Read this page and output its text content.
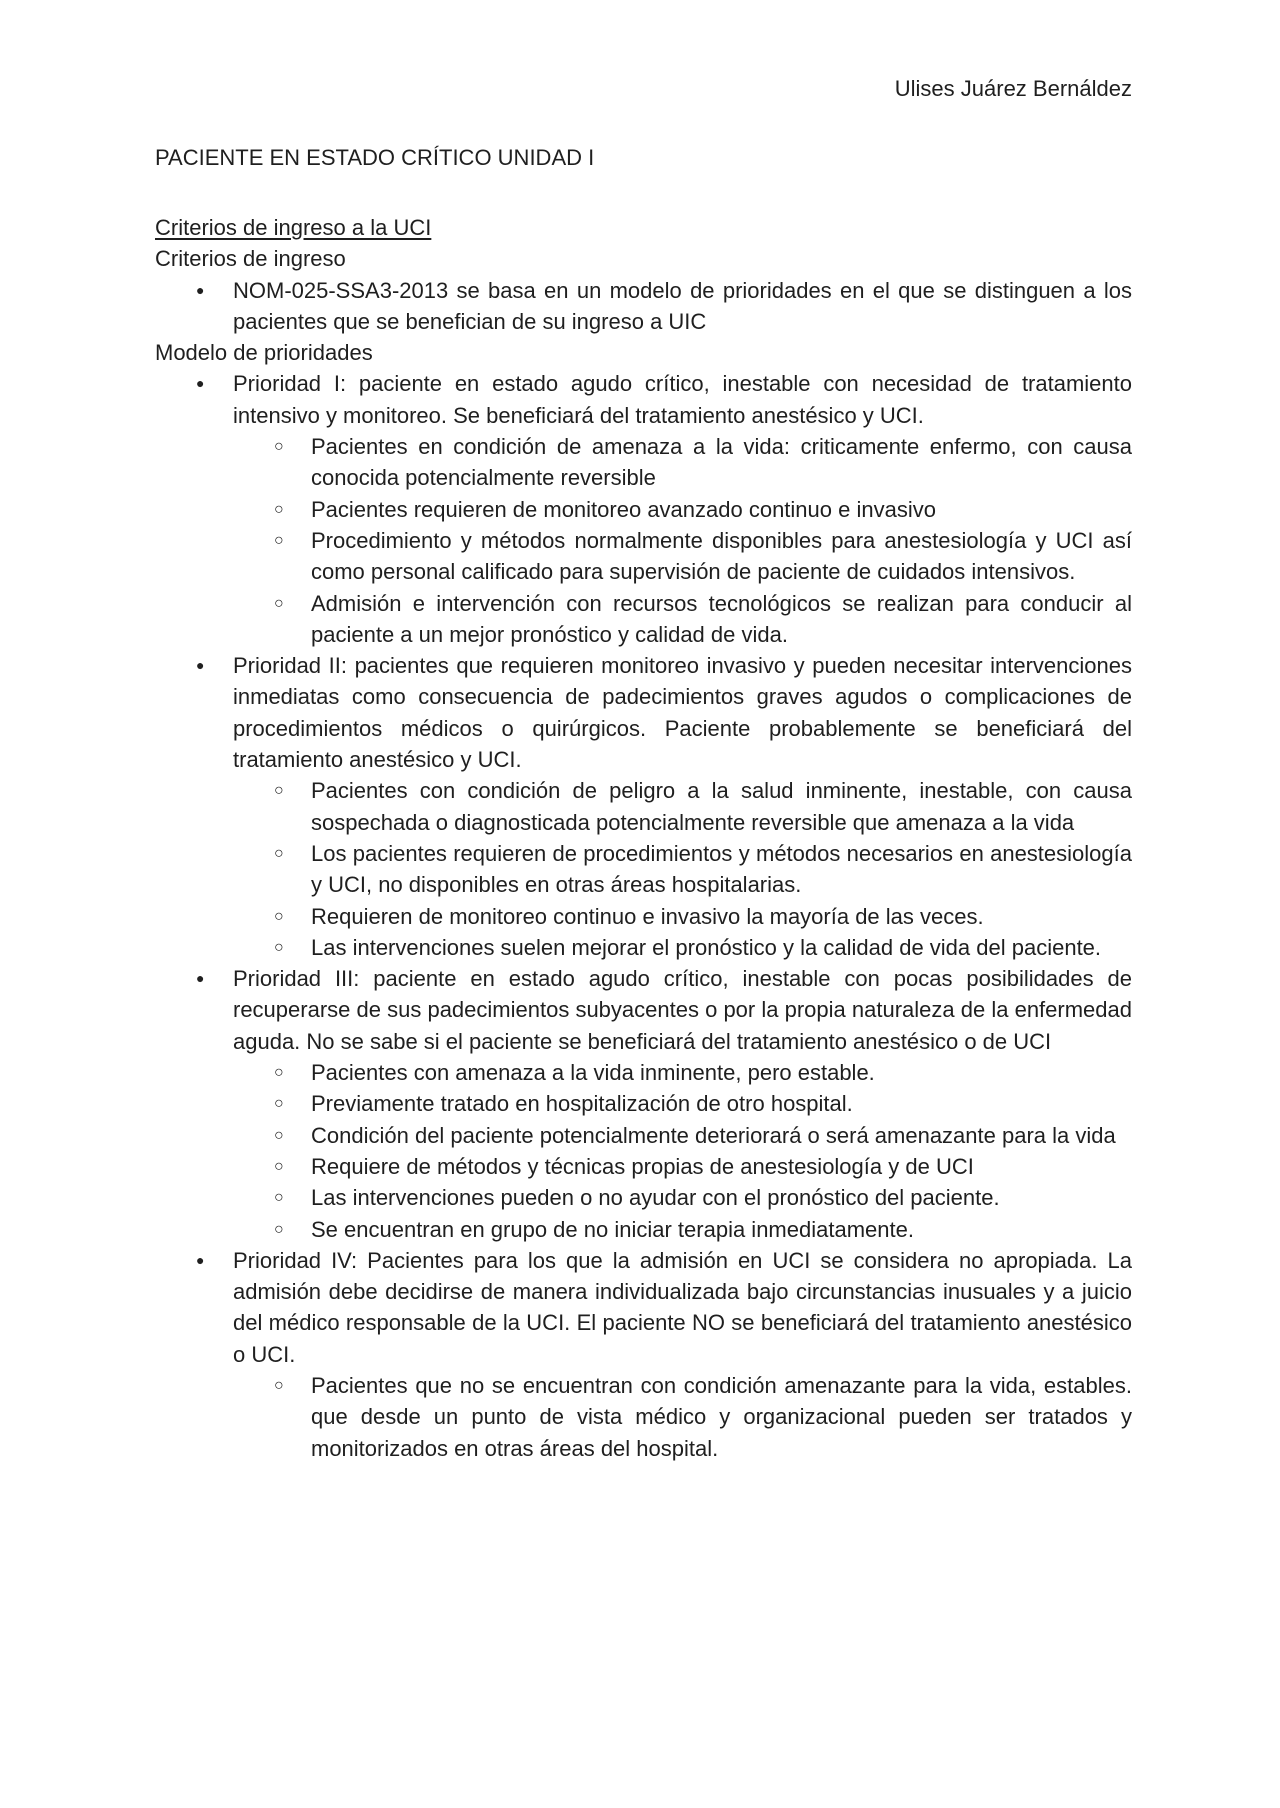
Ulises Juárez Bernáldez

PACIENTE EN ESTADO CRÍTICO UNIDAD I

Criterios de ingreso a la UCI

Criterios de ingreso

● NOM-025-SSA3-2013 se basa en un modelo de prioridades en el que se distinguen a los pacientes que se benefician de su ingreso a UIC

Modelo de prioridades

● Prioridad I: paciente en estado agudo crítico, inestable con necesidad de tratamiento intensivo y monitoreo. Se beneficiará del tratamiento anestésico y UCI.
○ Pacientes en condición de amenaza a la vida: criticamente enfermo, con causa conocida potencialmente reversible
○ Pacientes requieren de monitoreo avanzado continuo e invasivo
○ Procedimiento y métodos normalmente disponibles para anestesiología y UCI así como personal calificado para supervisión de paciente de cuidados intensivos.
○ Admisión e intervención con recursos tecnológicos se realizan para conducir al paciente a un mejor pronóstico y calidad de vida.
● Prioridad II: pacientes que requieren monitoreo invasivo y pueden necesitar intervenciones inmediatas como consecuencia de padecimientos graves agudos o complicaciones de procedimientos médicos o quirúrgicos. Paciente probablemente se beneficiará del tratamiento anestésico y UCI.
○ Pacientes con condición de peligro a la salud inminente, inestable, con causa sospechada o diagnosticada potencialmente reversible que amenaza a la vida
○ Los pacientes requieren de procedimientos y métodos necesarios en anestesiología y UCI, no disponibles en otras áreas hospitalarias.
○ Requieren de monitoreo continuo e invasivo la mayoría de las veces.
○ Las intervenciones suelen mejorar el pronóstico y la calidad de vida del paciente.
● Prioridad III: paciente en estado agudo crítico, inestable con pocas posibilidades de recuperarse de sus padecimientos subyacentes o por la propia naturaleza de la enfermedad aguda. No se sabe si el paciente se beneficiará del tratamiento anestésico o de UCI
○ Pacientes con amenaza a la vida inminente, pero estable.
○ Previamente tratado en hospitalización de otro hospital.
○ Condición del paciente potencialmente deteriorará o será amenazante para la vida
○ Requiere de métodos y técnicas propias de anestesiología y de UCI
○ Las intervenciones pueden o no ayudar con el pronóstico del paciente.
○ Se encuentran en grupo de no iniciar terapia inmediatamente.
● Prioridad IV: Pacientes para los que la admisión en UCI se considera no apropiada. La admisión debe decidirse de manera individualizada bajo circunstancias inusuales y a juicio del médico responsable de la UCI. El paciente NO se beneficiará del tratamiento anestésico o UCI.
○ Pacientes que no se encuentran con condición amenazante para la vida, estables. que desde un punto de vista médico y organizacional pueden ser tratados y monitorizados en otras áreas del hospital.
